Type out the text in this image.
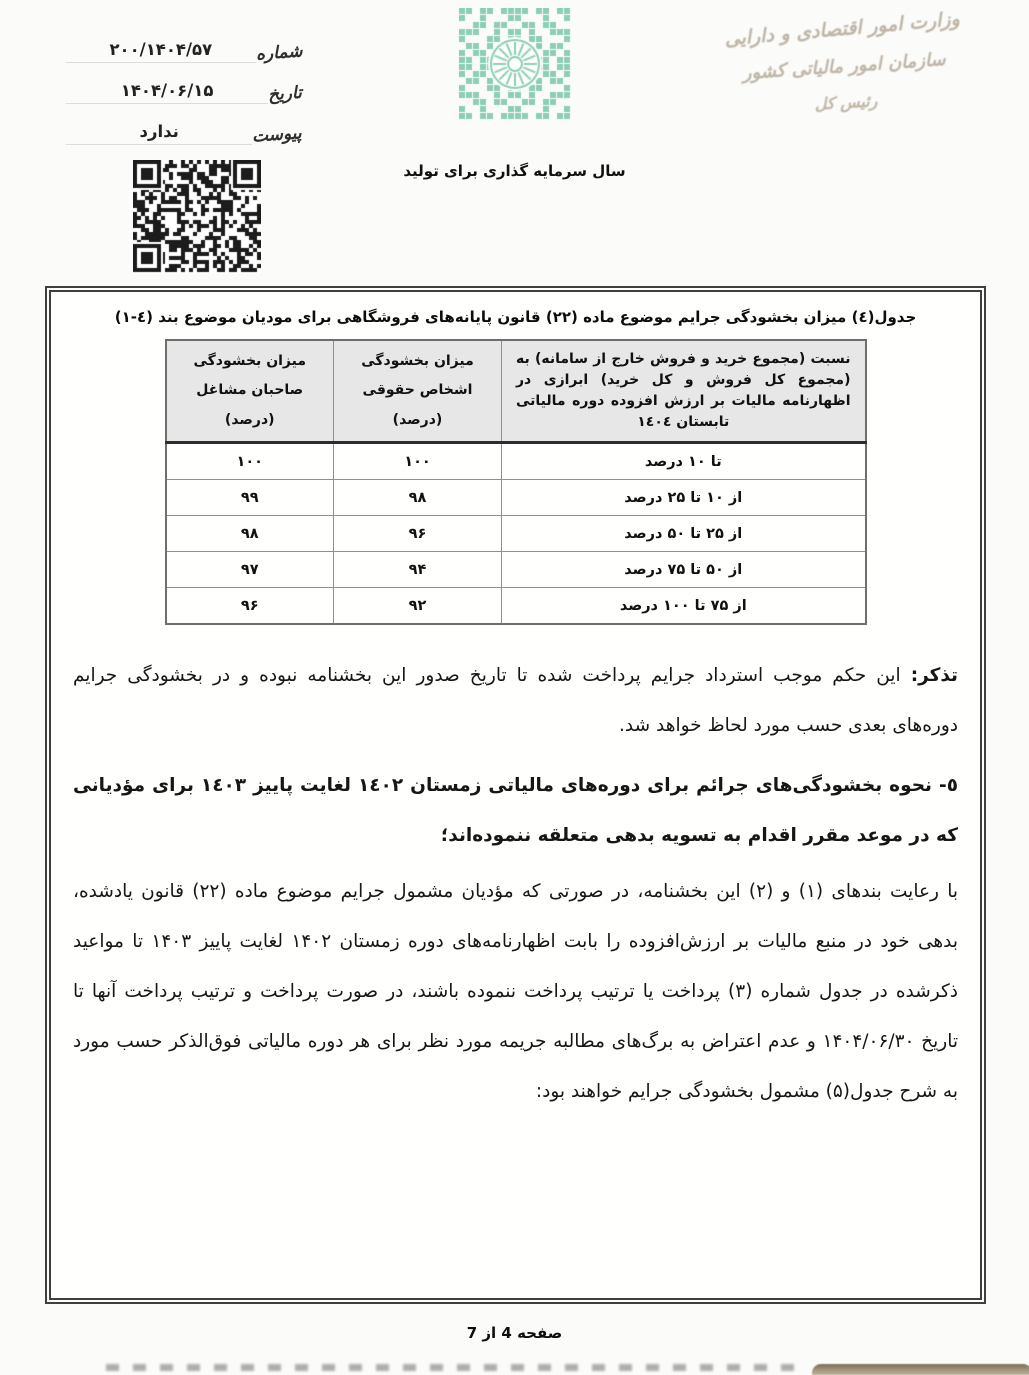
وزارت امور اقتصادی و دارایی
سازمان امور مالیاتی کشور
رئیس کل
سال سرمایه گذاری برای تولید
شماره
۲۰۰/۱۴۰۴/۵۷
تاریخ
۱۴۰۴/۰۶/۱۵
پیوست
ندارد
جدول(٤) میزان بخشودگی جرایم موضوع ماده (۲۲) قانون پایانه‌های فروشگاهی برای مودیان موضوع بند (٤-١)
نسبت (مجموع خرید و فروش خارج از سامانه) به (مجموع کل فروش و کل خرید) ابرازی در اظهارنامه مالیات بر ارزش افزوده دوره مالیاتی تابستان ١٤٠٤	میزان بخشودگی اشخاص حقوقی (درصد)	میزان بخشودگی صاحبان مشاغل (درصد)
تا ۱۰ درصد	۱۰۰	۱۰۰
از ۱۰ تا ۲۵ درصد	۹۸	۹۹
از ۲۵ تا ۵۰ درصد	۹۶	۹۸
از ۵۰ تا ۷۵ درصد	۹۴	۹۷
از ۷۵ تا ۱۰۰ درصد	۹۲	۹۶

تذکر: این حکم موجب استرداد جرایم پرداخت شده تا تاریخ صدور این بخشنامه نبوده و در بخشودگی جرایم دوره‌های بعدی حسب مورد لحاظ خواهد شد.

٥- نحوه بخشودگی‌های جرائم برای دوره‌های مالیاتی زمستان ١٤٠٢ لغایت پاییز ١٤٠٣ برای مؤدیانی که در موعد مقرر اقدام به تسویه بدهی متعلقه ننموده‌اند؛

با رعایت بندهای (۱) و (۲) این بخشنامه، در صورتی که مؤدیان مشمول جرایم موضوع ماده (۲۲) قانون یادشده، بدهی خود در منبع مالیات بر ارزش‌افزوده را بابت اظهارنامه‌های دوره زمستان ۱۴۰۲ لغایت پاییز ۱۴۰۳ تا مواعید ذکرشده در جدول شماره (۳) پرداخت یا ترتیب پرداخت ننموده باشند، در صورت پرداخت و ترتیب پرداخت آنها تا تاریخ ۱۴۰۴/۰۶/۳۰ و عدم اعتراض به برگ‌های مطالبه جریمه مورد نظر برای هر دوره مالیاتی فوق‌الذکر حسب مورد به شرح جدول(۵) مشمول بخشودگی جرایم خواهند بود:

صفحه 4 از 7
